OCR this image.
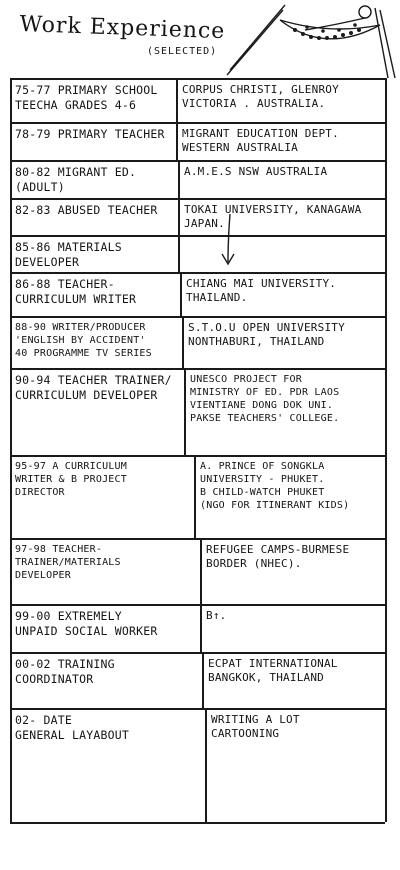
Work Experience
(SELECTED)
75-77 PRIMARY SCHOOL
TEECHA GRADES 4-6
CORPUS CHRISTI, GLENROY
VICTORIA . AUSTRALIA.
78-79 PRIMARY TEACHER	MIGRANT EDUCATION DEPT.
WESTERN AUSTRALIA
80-82 MIGRANT ED.
(ADULT)
A.M.E.S NSW AUSTRALIA
82-83 ABUSED TEACHER	TOKAI UNIVERSITY, KANAGAWA
JAPAN.
85-86 MATERIALS
DEVELOPER
86-88 TEACHER-
CURRICULUM WRITER
CHIANG MAI UNIVERSITY.
THAILAND.
88-90 WRITER/PRODUCER
'ENGLISH BY ACCIDENT'
40 PROGRAMME TV SERIES
S.T.O.U OPEN UNIVERSITY
NONTHABURI, THAILAND
90-94 TEACHER TRAINER/
CURRICULUM DEVELOPER
UNESCO PROJECT FOR
MINISTRY OF ED. PDR LAOS
VIENTIANE DONG DOK UNI.
PAKSE TEACHERS' COLLEGE.
95-97 A CURRICULUM
WRITER & B PROJECT
DIRECTOR
A. PRINCE OF SONGKLA
UNIVERSITY - PHUKET.
B CHILD-WATCH PHUKET
(NGO FOR ITINERANT KIDS)
97-98 TEACHER-
TRAINER/MATERIALS
DEVELOPER
REFUGEE CAMPS-BURMESE
BORDER (NHEC).
99-00 EXTREMELY
UNPAID SOCIAL WORKER
B↑.
00-02 TRAINING
COORDINATOR
ECPAT INTERNATIONAL
BANGKOK, THAILAND
02- DATE
GENERAL LAYABOUT
WRITING A LOT
CARTOONING
